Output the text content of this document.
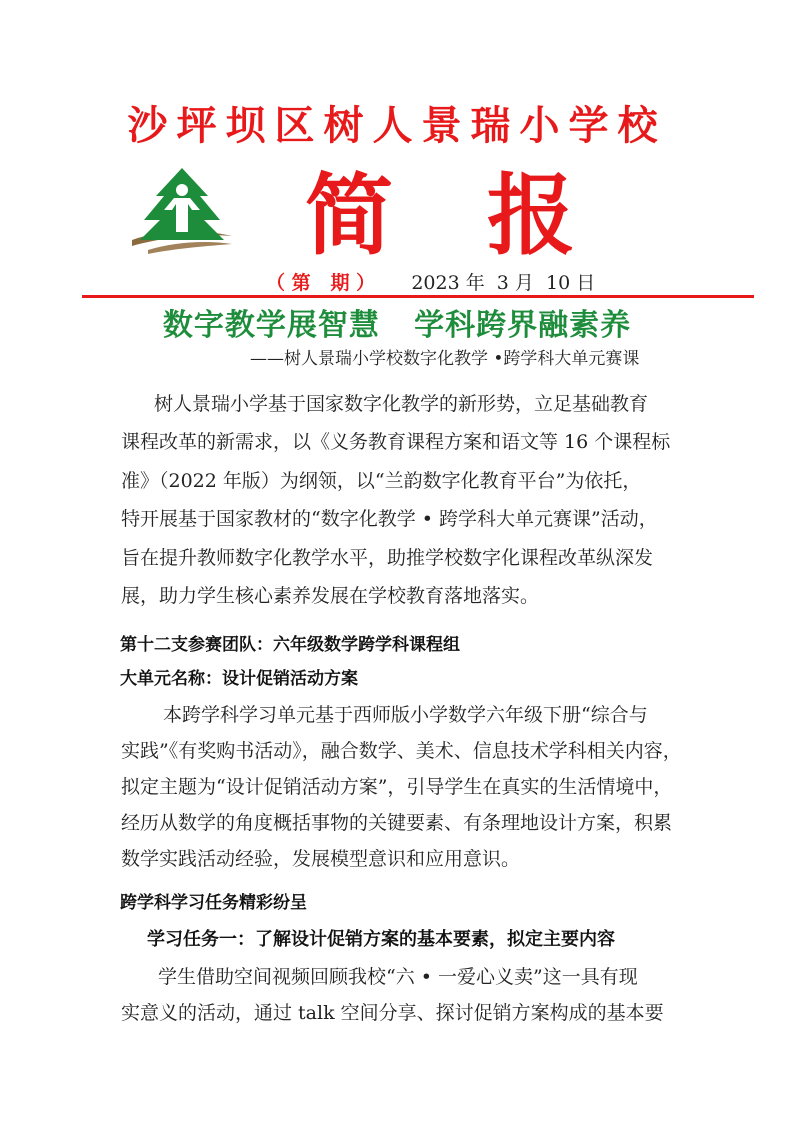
沙坪坝区树人景瑞小学校
简 报
（ 第   期 ） 2023 年  3 月  10 日
数字教学展智慧   学科跨界融素养
——树人景瑞小学校数字化教学 •跨学科大单元赛课
树人景瑞小学基于国家数字化教学的新形势，立足基础教育
课程改革的新需求，以《义务教育课程方案和语文等 16 个课程标
准》（2022 年版）为纲领，以“兰韵数字化教育平台”为依托，
特开展基于国家教材的“数字化教学 • 跨学科大单元赛课”活动，
旨在提升教师数字化教学水平，助推学校数字化课程改革纵深发
展，助力学生核心素养发展在学校教育落地落实。
第十二支参赛团队：六年级数学跨学科课程组
大单元名称：设计促销活动方案
本跨学科学习单元基于西师版小学数学六年级下册“综合与
实践”《有奖购书活动》，融合数学、美术、信息技术学科相关内容，
拟定主题为“设计促销活动方案”，引导学生在真实的生活情境中，
经历从数学的角度概括事物的关键要素、有条理地设计方案，积累
数学实践活动经验，发展模型意识和应用意识。
跨学科学习任务精彩纷呈
学习任务一：了解设计促销方案的基本要素，拟定主要内容
学生借助空间视频回顾我校“六 • 一爱心义卖”这一具有现
实意义的活动，通过 talk 空间分享、探讨促销方案构成的基本要
